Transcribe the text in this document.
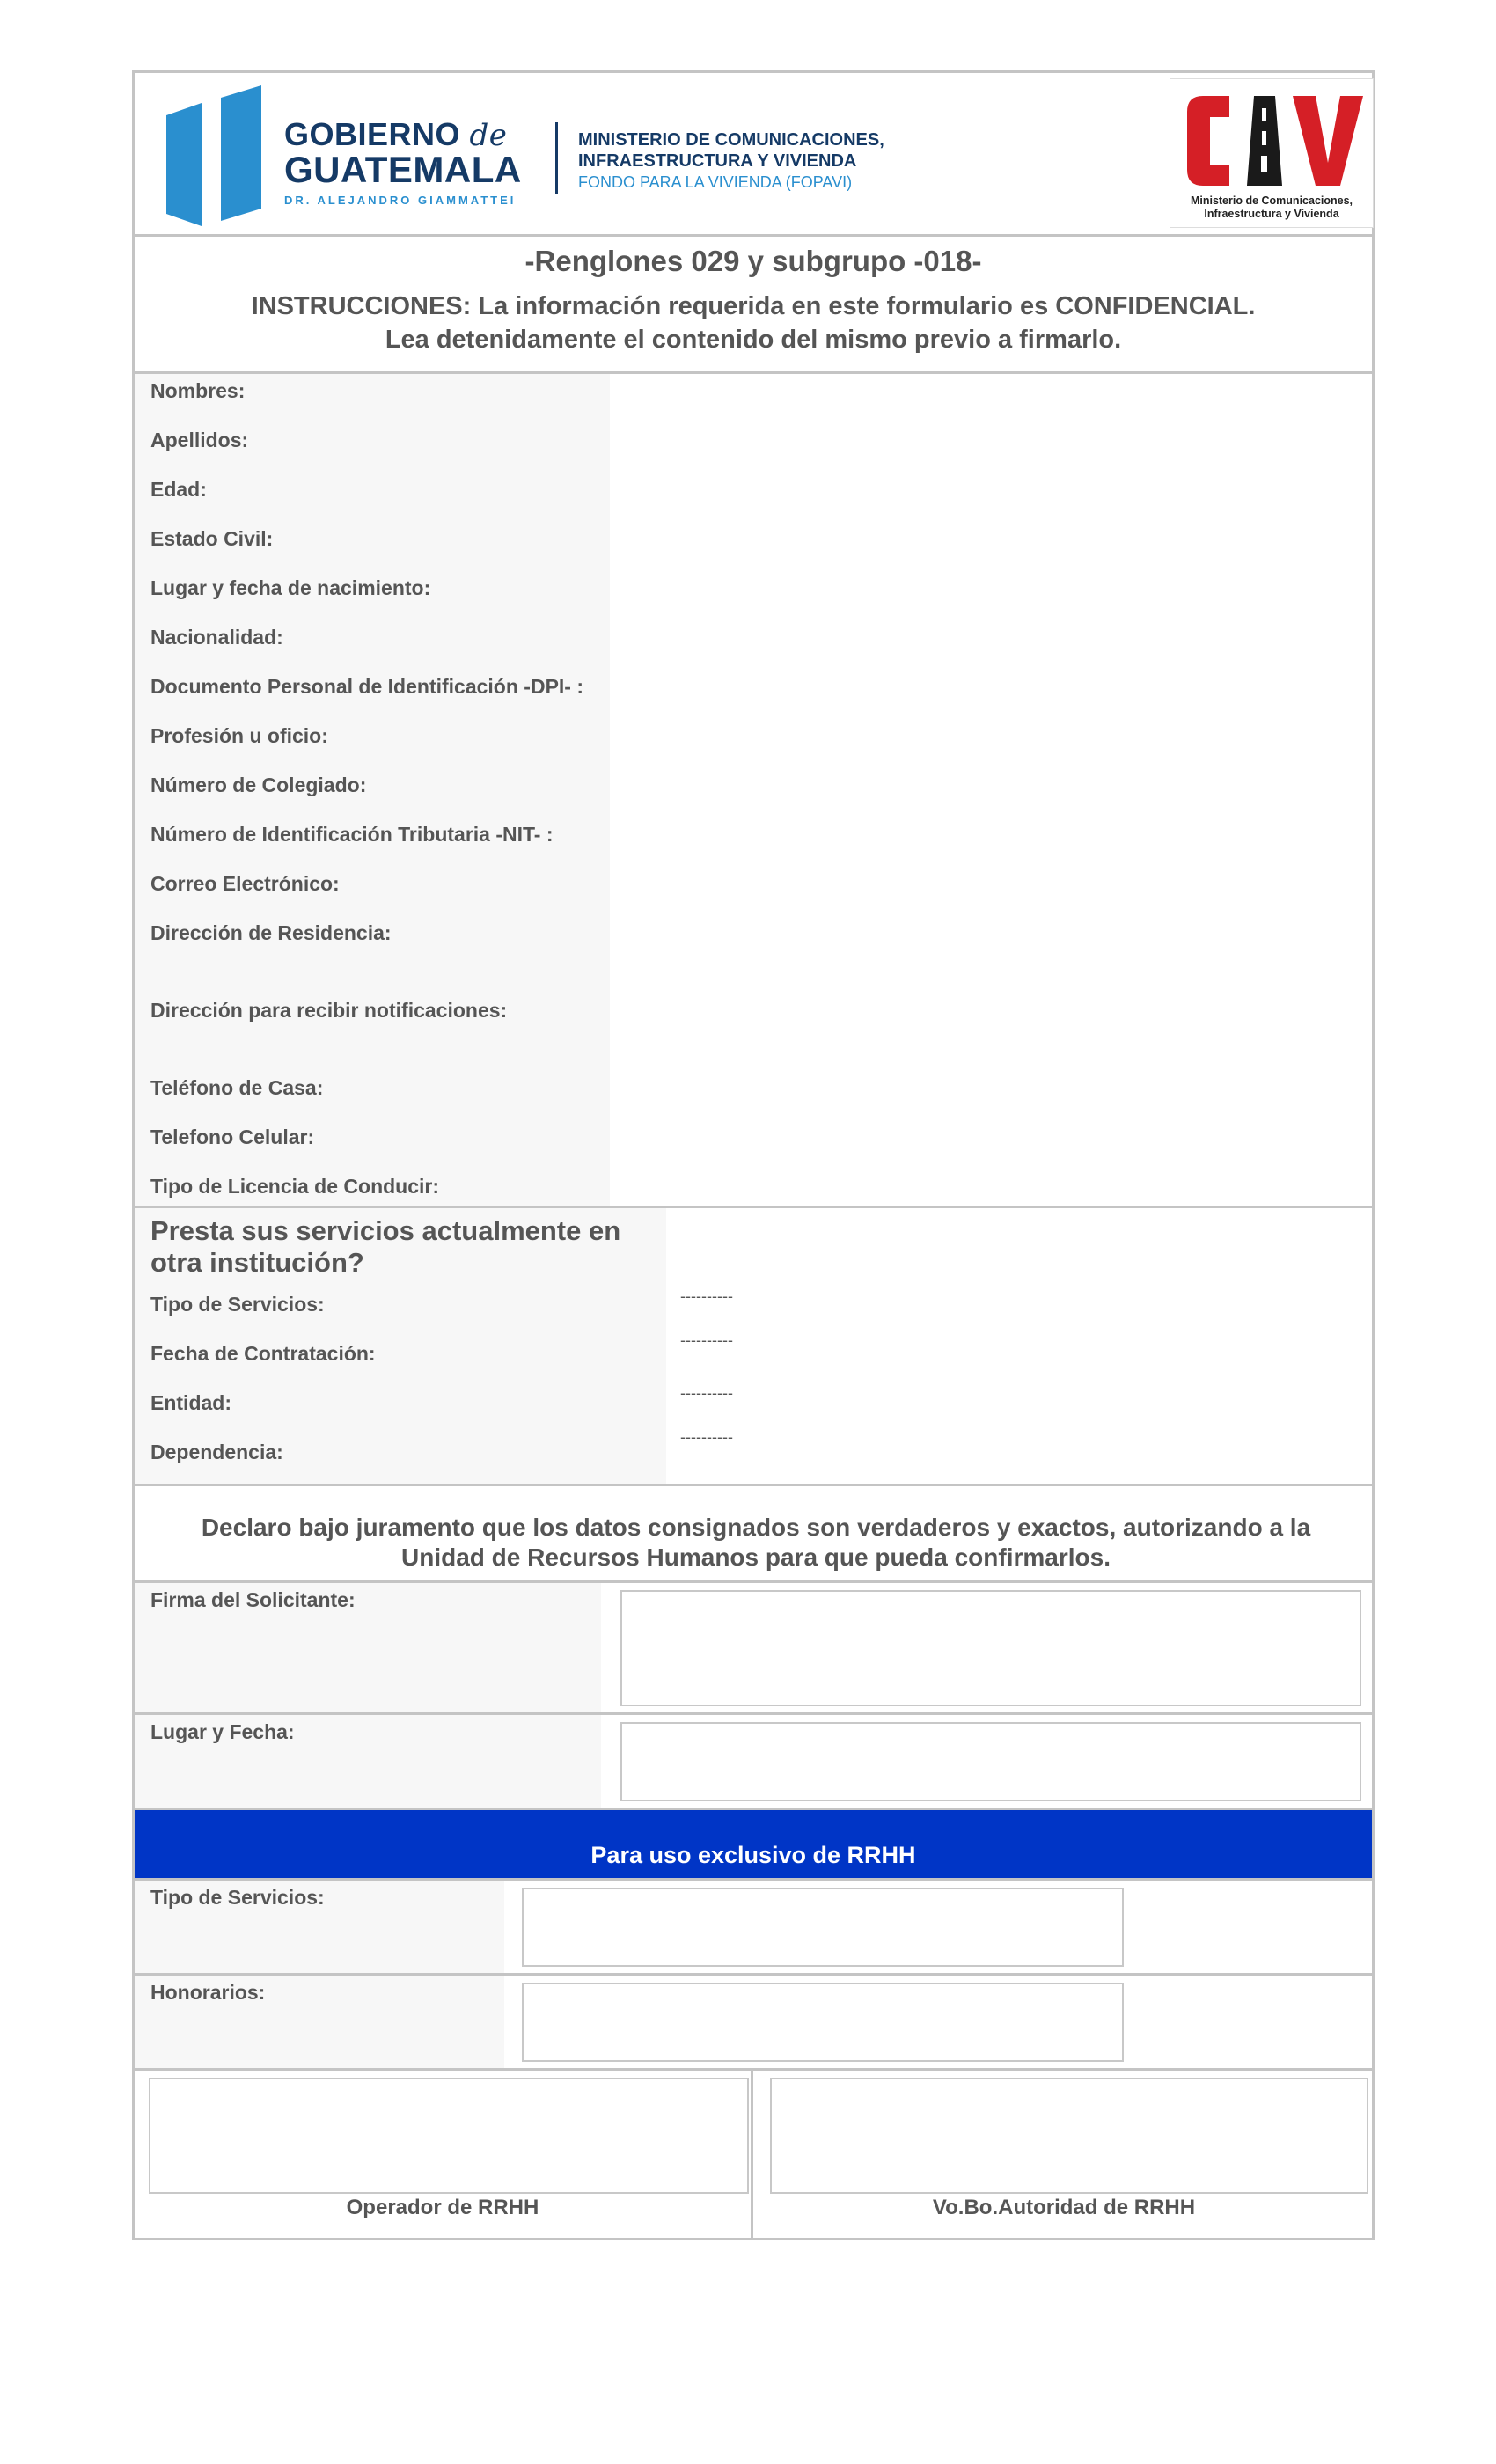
GOBIERNO de
GUATEMALA
DR. ALEJANDRO GIAMMATTEI
MINISTERIO DE COMUNICACIONES,
INFRAESTRUCTURA Y VIVIENDA
FONDO PARA LA VIVIENDA (FOPAVI)
Ministerio de Comunicaciones,
Infraestructura y Vivienda
-Renglones 029 y subgrupo -018-

INSTRUCCIONES: La información requerida en este formulario es CONFIDENCIAL.
Lea detenidamente el contenido del mismo previo a firmarlo.

Nombres:
Apellidos:
Edad:
Estado Civil:
Lugar y fecha de nacimiento:
Nacionalidad:
Documento Personal de Identificación -DPI- :
Profesión u oficio:
Número de Colegiado:
Número de Identificación Tributaria -NIT- :
Correo Electrónico:
Dirección de Residencia:
Dirección para recibir notificaciones:
Teléfono de Casa:
Telefono Celular:
Tipo de Licencia de Conducir:
Presta sus servicios actualmente en otra institución?
Tipo de Servicios:
Fecha de Contratación:
Entidad:
Dependencia:
----------
----------
----------
----------

Declaro bajo juramento que los datos consignados son verdaderos y exactos, autorizando a la Unidad de Recursos Humanos para que pueda confirmarlos.

Firma del Solicitante:
Lugar y Fecha:
Para uso exclusivo de RRHH
Tipo de Servicios:
Honorarios:
Operador de RRHH	Vo.Bo.Autoridad de RRHH
